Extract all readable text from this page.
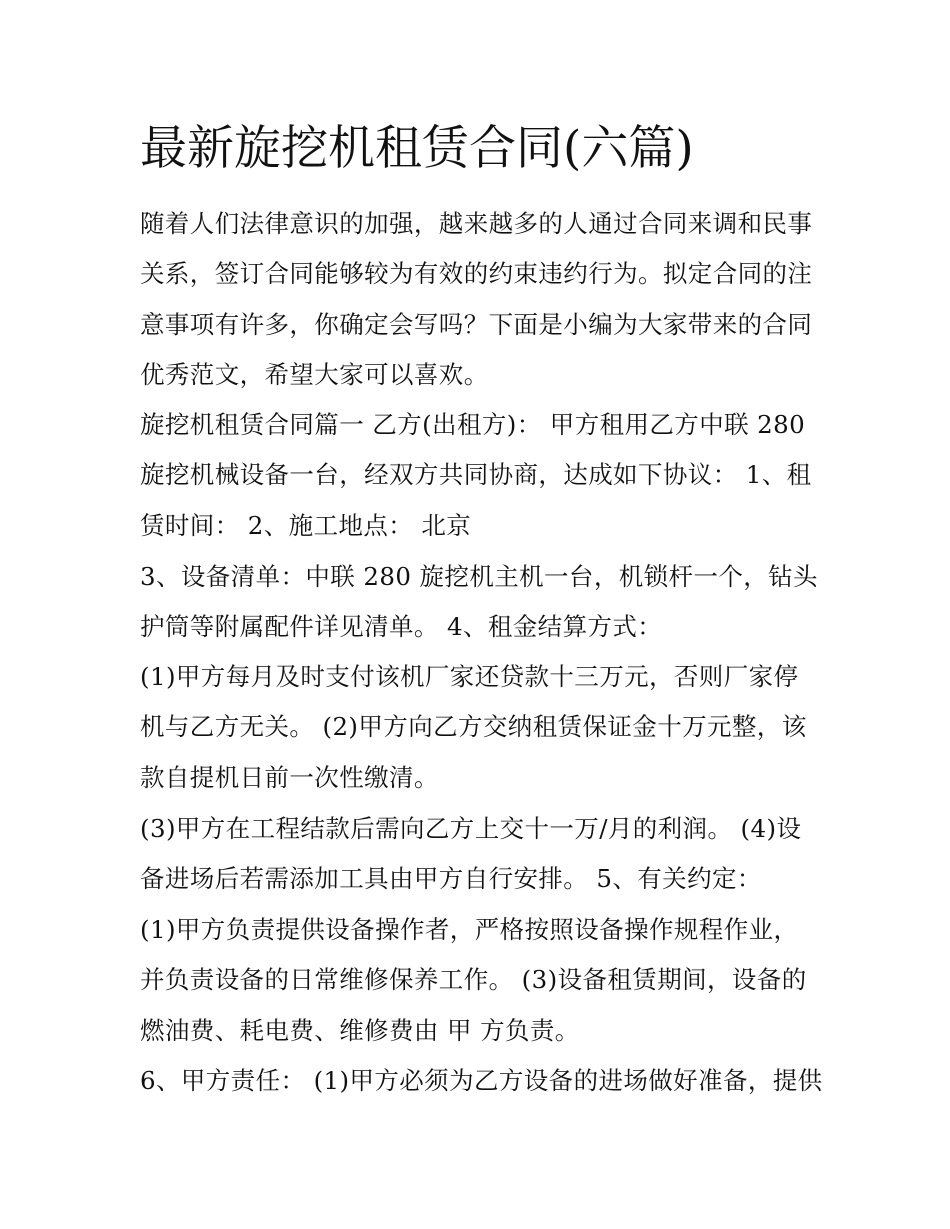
最新旋挖机租赁合同(六篇)
随着人们法律意识的加强，越来越多的人通过合同来调和民事
关系，签订合同能够较为有效的约束违约行为。拟定合同的注
意事项有许多，你确定会写吗？下面是小编为大家带来的合同
优秀范文，希望大家可以喜欢。
旋挖机租赁合同篇一 乙方(出租方)： 甲方租用乙方中联 280
旋挖机械设备一台，经双方共同协商，达成如下协议： 1、租
赁时间： 2、施工地点： 北京
3、设备清单：中联 280 旋挖机主机一台，机锁杆一个，钻头
护筒等附属配件详见清单。 4、租金结算方式：
(1)甲方每月及时支付该机厂家还贷款十三万元，否则厂家停
机与乙方无关。 (2)甲方向乙方交纳租赁保证金十万元整，该
款自提机日前一次性缴清。
(3)甲方在工程结款后需向乙方上交十一万/月的利润。 (4)设
备进场后若需添加工具由甲方自行安排。 5、有关约定：
(1)甲方负责提供设备操作者，严格按照设备操作规程作业，
并负责设备的日常维修保养工作。 (3)设备租赁期间，设备的
燃油费、耗电费、维修费由 甲 方负责。
6、甲方责任： (1)甲方必须为乙方设备的进场做好准备，提供
